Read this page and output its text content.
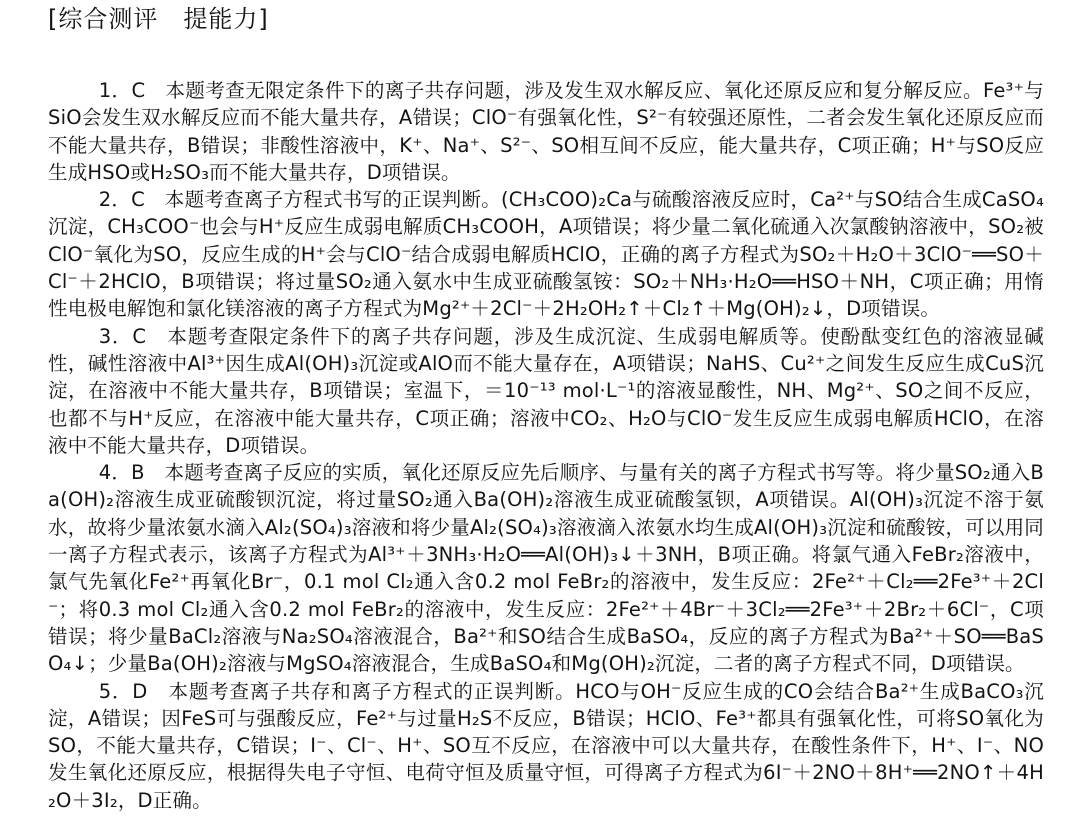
[综合测评　提能力]

1．C　本题考查无限定条件下的离子共存问题，涉及发生双水解反应、氧化还原反应和复分解反应。Fe³⁺与SiO会发生双水解反应而不能大量共存，A错误；ClO⁻有强氧化性，S²⁻有较强还原性，二者会发生氧化还原反应而不能大量共存，B错误；非酸性溶液中，K⁺、Na⁺、S²⁻、SO相互间不反应，能大量共存，C项正确；H⁺与SO反应生成HSO或H₂SO₃而不能大量共存，D项错误。

2．C　本题考查离子方程式书写的正误判断。(CH₃COO)₂Ca与硫酸溶液反应时，Ca²⁺与SO结合生成CaSO₄沉淀，CH₃COO⁻也会与H⁺反应生成弱电解质CH₃COOH，A项错误；将少量二氧化硫通入次氯酸钠溶液中，SO₂被ClO⁻氧化为SO，反应生成的H⁺会与ClO⁻结合成弱电解质HClO，正确的离子方程式为SO₂＋H₂O＋3ClO⁻══SO＋Cl⁻＋2HClO，B项错误；将过量SO₂通入氨水中生成亚硫酸氢铵：SO₂＋NH₃·H₂O══HSO＋NH，C项正确；用惰性电极电解饱和氯化镁溶液的离子方程式为Mg²⁺＋2Cl⁻＋2H₂OH₂↑＋Cl₂↑＋Mg(OH)₂↓，D项错误。

3．C　本题考查限定条件下的离子共存问题，涉及生成沉淀、生成弱电解质等。使酚酞变红色的溶液显碱性，碱性溶液中Al³⁺因生成Al(OH)₃沉淀或AlO而不能大量存在，A项错误；NaHS、Cu²⁺之间发生反应生成CuS沉淀，在溶液中不能大量共存，B项错误；室温下，＝10⁻¹³ mol·L⁻¹的溶液显酸性，NH、Mg²⁺、SO之间不反应，也都不与H⁺反应，在溶液中能大量共存，C项正确；溶液中CO₂、H₂O与ClO⁻发生反应生成弱电解质HClO，在溶液中不能大量共存，D项错误。

4．B　本题考查离子反应的实质，氧化还原反应先后顺序、与量有关的离子方程式书写等。将少量SO₂通入Ba(OH)₂溶液生成亚硫酸钡沉淀，将过量SO₂通入Ba(OH)₂溶液生成亚硫酸氢钡，A项错误。Al(OH)₃沉淀不溶于氨水，故将少量浓氨水滴入Al₂(SO₄)₃溶液和将少量Al₂(SO₄)₃溶液滴入浓氨水均生成Al(OH)₃沉淀和硫酸铵，可以用同一离子方程式表示，该离子方程式为Al³⁺＋3NH₃·H₂O══Al(OH)₃↓＋3NH，B项正确。将氯气通入FeBr₂溶液中，氯气先氧化Fe²⁺再氧化Br⁻，0.1 mol Cl₂通入含0.2 mol FeBr₂的溶液中，发生反应：2Fe²⁺＋Cl₂══2Fe³⁺＋2Cl⁻；将0.3 mol Cl₂通入含0.2 mol FeBr₂的溶液中，发生反应：2Fe²⁺＋4Br⁻＋3Cl₂══2Fe³⁺＋2Br₂＋6Cl⁻，C项错误；将少量BaCl₂溶液与Na₂SO₄溶液混合，Ba²⁺和SO结合生成BaSO₄，反应的离子方程式为Ba²⁺＋SO══BaSO₄↓；少量Ba(OH)₂溶液与MgSO₄溶液混合，生成BaSO₄和Mg(OH)₂沉淀，二者的离子方程式不同，D项错误。

5．D　本题考查离子共存和离子方程式的正误判断。HCO与OH⁻反应生成的CO会结合Ba²⁺生成BaCO₃沉淀，A错误；因FeS可与强酸反应，Fe²⁺与过量H₂S不反应，B错误；HClO、Fe³⁺都具有强氧化性，可将SO氧化为SO，不能大量共存，C错误；I⁻、Cl⁻、H⁺、SO互不反应，在溶液中可以大量共存，在酸性条件下，H⁺、I⁻、NO发生氧化还原反应，根据得失电子守恒、电荷守恒及质量守恒，可得离子方程式为6I⁻＋2NO＋8H⁺══2NO↑＋4H₂O＋3I₂，D正确。
